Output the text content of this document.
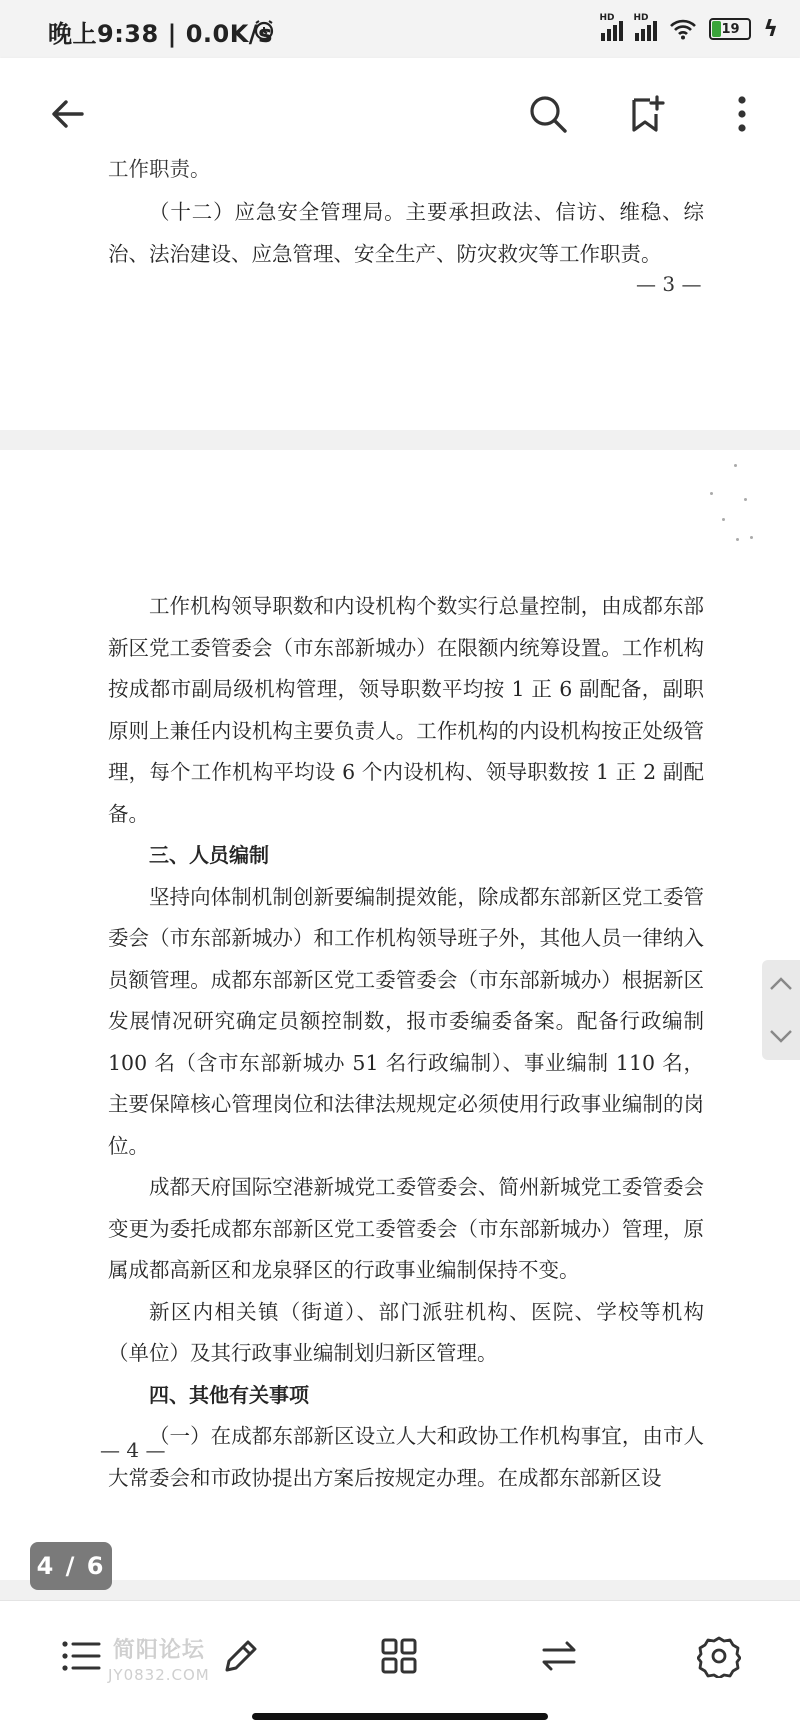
晚上9:38 | 0.0K/s
HD HD
19 ϟ
工作职责。

（十二）应急安全管理局。主要承担政法、信访、维稳、综治、法治建设、应急管理、安全生产、防灾救灾等工作职责。

— 3 —

工作机构领导职数和内设机构个数实行总量控制，由成都东部新区党工委管委会（市东部新城办）在限额内统筹设置。工作机构按成都市副局级机构管理，领导职数平均按 1 正 6 副配备，副职原则上兼任内设机构主要负责人。工作机构的内设机构按正处级管理，每个工作机构平均设 6 个内设机构、领导职数按 1 正 2 副配备。

三、人员编制

坚持向体制机制创新要编制提效能，除成都东部新区党工委管委会（市东部新城办）和工作机构领导班子外，其他人员一律纳入员额管理。成都东部新区党工委管委会（市东部新城办）根据新区发展情况研究确定员额控制数，报市委编委备案。配备行政编制 100 名（含市东部新城办 51 名行政编制）、事业编制 110 名，主要保障核心管理岗位和法律法规规定必须使用行政事业编制的岗位。

成都天府国际空港新城党工委管委会、简州新城党工委管委会变更为委托成都东部新区党工委管委会（市东部新城办）管理，原属成都高新区和龙泉驿区的行政事业编制保持不变。

新区内相关镇（街道）、部门派驻机构、医院、学校等机构（单位）及其行政事业编制划归新区管理。

四、其他有关事项

（一）在成都东部新区设立人大和政协工作机构事宜，由市人大常委会和市政协提出方案后按规定办理。在成都东部新区设

— 4 —
4 / 6
简阳论坛
JY0832.COM
